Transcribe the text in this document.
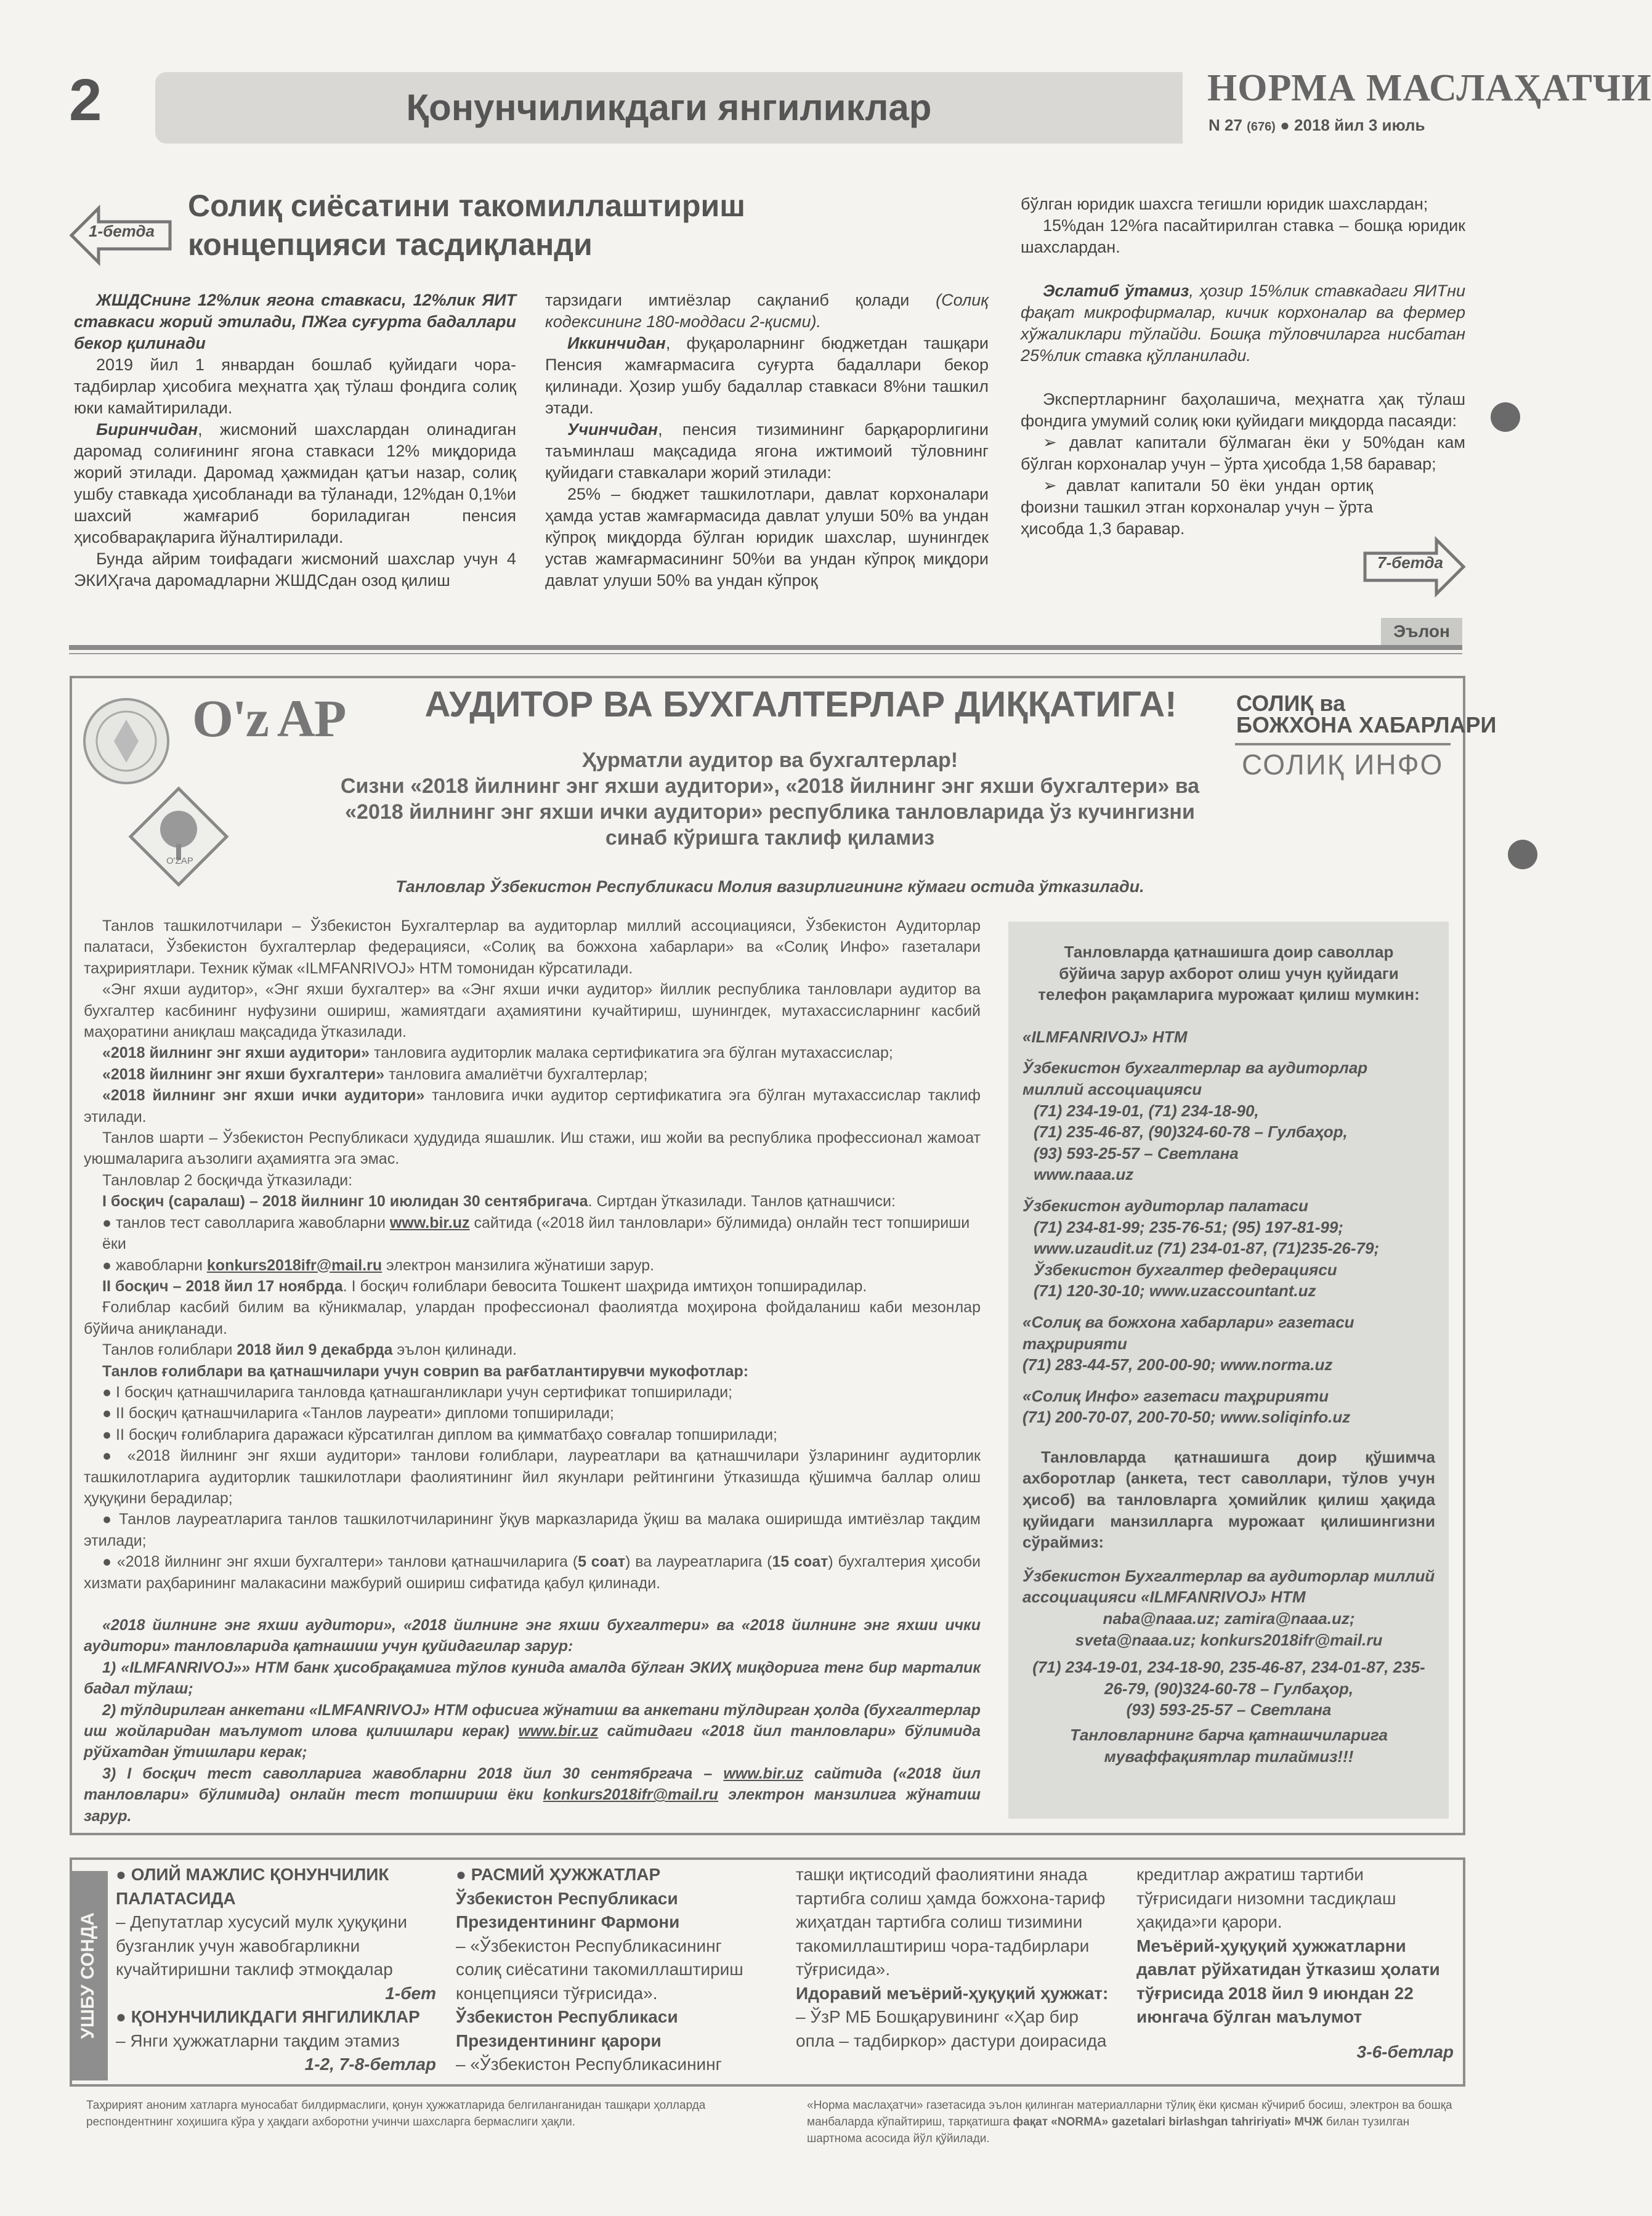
2	Қонунчиликдаги янгиликлар	НОРМА МАСЛАҲАТЧИ
N 27 (676) ● 2018 йил 3 июль
1-бетда
Солиқ сиёсатини такомиллаштириш концепцияси тасдиқланди

ЖШДСнинг 12%лик ягона ставкаси, 12%лик ЯИТ ставкаси жорий этилади, ПЖга суғурта бадаллари бекор қилинади

2019 йил 1 январдан бошлаб қуйидаги чора-тадбирлар ҳисобига меҳнатга ҳақ тўлаш фондига солиқ юки камайтирилади.

Биринчидан, жисмоний шахслардан олинадиган даромад солиғининг ягона ставкаси 12% миқдорида жорий этилади. Даромад ҳажмидан қатъи назар, солиқ ушбу ставкада ҳисобланади ва тўланади, 12%дан 0,1%и шахсий жамғариб бориладиган пенсия ҳисобварақларига йўналтирилади.

Бунда айрим тоифадаги жисмоний шахслар учун 4 ЭКИҲгача даромадларни ЖШДСдан озод қилиш

тарзидаги имтиёзлар сақланиб қолади (Солиқ кодексининг 180-моддаси 2-қисми).

Иккинчидан, фуқароларнинг бюджетдан ташқари Пенсия жамғармасига суғурта бадаллари бекор қилинади. Ҳозир ушбу бадаллар ставкаси 8%ни ташкил этади.

Учинчидан, пенсия тизимининг барқарорлигини таъминлаш мақсадида ягона ижтимоий тўловнинг қуйидаги ставкалари жорий этилади:

25% – бюджет ташкилотлари, давлат корхоналари ҳамда устав жамғармасида давлат улуши 50% ва ундан кўпроқ миқдорда бўлган юридик шахслар, шунингдек устав жамғармасининг 50%и ва ундан кўпроқ миқдори давлат улуши 50% ва ундан кўпроқ

бўлган юридик шахсга тегишли юридик шахслардан;

15%дан 12%га пасайтирилган ставка – бошқа юридик шахслардан.

Эслатиб ўтамиз, ҳозир 15%лик ставкадаги ЯИТни фақат микрофирмалар, кичик корхоналар ва фермер хўжаликлари тўлайди. Бошқа тўловчиларга нисбатан 25%лик ставка қўлланилади.

Экспертларнинг баҳолашича, меҳнатга ҳақ тўлаш фондига умумий солиқ юки қуйидаги миқдорда пасаяди:

➢ давлат капитали бўлмаган ёки у 50%дан кам бўлган корхоналар учун – ўрта ҳисобда 1,58 баравар;

➢ давлат капитали 50 ёки ундан ортиқ фоизни ташкил этган корхоналар учун – ўрта ҳисобда 1,3 баравар.

7-бетда
Эълон
O'z AP
O'ZAP
АУДИТОР ВА БУХГАЛТЕРЛАР ДИҚҚАТИГА!	СОЛИҚ ва
БОЖХОНА ХАБАРЛАРИ
СОЛИҚ ИНФО

Ҳурматли аудитор ва бухгалтерлар!

Сизни «2018 йилнинг энг яхши аудитори», «2018 йилнинг энг яхши бухгалтери» ва «2018 йилнинг энг яхши ички аудитори» республика танловларида ўз кучингизни синаб кўришга таклиф қиламиз

Танловлар Ўзбекистон Республикаси Молия вазирлигининг кўмаги остида ўтказилади.

Танлов ташкилотчилари – Ўзбекистон Бухгалтерлар ва аудиторлар миллий ассоциацияси, Ўзбекистон Аудиторлар палатаси, Ўзбекистон бухгалтерлар федерацияси, «Солиқ ва божхона хабарлари» ва «Солиқ Инфо» газеталари таҳририятлари. Техник кўмак «ILMFANRIVOJ» НТМ томонидан кўрсатилади.

«Энг яхши аудитор», «Энг яхши бухгалтер» ва «Энг яхши ички аудитор» йиллик республика танловлари аудитор ва бухгалтер касбининг нуфузини ошириш, жамиятдаги аҳамиятини кучайтириш, шунингдек, мутахассисларнинг касбий маҳоратини аниқлаш мақсадида ўтказилади.

«2018 йилнинг энг яхши аудитори» танловига аудиторлик малака сертификатига эга бўлган мутахассислар;

«2018 йилнинг энг яхши бухгалтери» танловига амалиётчи бухгалтерлар;

«2018 йилнинг энг яхши ички аудитори» танловига ички аудитор сертификатига эга бўлган мутахассислар таклиф этилади.

Танлов шарти – Ўзбекистон Республикаси ҳудудида яшашлик. Иш стажи, иш жойи ва республика профессионал жамоат уюшмаларига аъзолиги аҳамиятга эга эмас.

Танловлар 2 босқичда ўтказилади:

I босқич (саралаш) – 2018 йилнинг 10 июлидан 30 сентябригача. Сиртдан ўтказилади. Танлов қатнашчиси:

● танлов тест саволларига жавобларни www.bir.uz сайтида («2018 йил танловлари» бўлимида) онлайн тест топшириши

ёки

● жавобларни konkurs2018ifr@mail.ru электрон манзилига жўнатиши зарур.

II босқич – 2018 йил 17 ноябрда. I босқич ғолиблари бевосита Тошкент шаҳрида имтиҳон топширадилар.

Ғолиблар касбий билим ва кўникмалар, улардан профессионал фаолиятда моҳирона фойдаланиш каби мезонлар бўйича аниқланади.

Танлов ғолиблари 2018 йил 9 декабрда эълон қилинади.

Танлов ғолиблари ва қатнашчилари учун совриn ва рағбатлантирувчи мукофотлар:

● I босқич қатнашчиларига танловда қатнашганликлари учун сертификат топширилади;

● II босқич қатнашчиларига «Танлов лауреати» дипломи топширилади;

● II босқич ғолибларига даражаси кўрсатилган диплом ва қимматбаҳо совғалар топширилади;

● «2018 йилнинг энг яхши аудитори» танлови ғолиблари, лауреатлари ва қатнашчилари ўзларининг аудиторлик ташкилотларига аудиторлик ташкилотлари фаолиятининг йил якунлари рейтингини ўтказишда қўшимча баллар олиш ҳуқуқини берадилар;

● Танлов лауреатларига танлов ташкилотчиларининг ўқув марказларида ўқиш ва малака оширишда имтиёзлар тақдим этилади;

● «2018 йилнинг энг яхши бухгалтери» танлови қатнашчиларига (5 соат) ва лауреатларига (15 соат) бухгалтерия ҳисоби хизмати раҳбарининг малакасини мажбурий ошириш сифатида қабул қилинади.

«2018 йилнинг энг яхши аудитори», «2018 йилнинг энг яхши бухгалтери» ва «2018 йилнинг энг яхши ички аудитори» танловларида қатнашиш учун қуйидагилар зарур:

1) «ILMFANRIVOJ»» НТМ банк ҳисобрақамига тўлов кунида амалда бўлган ЭКИҲ миқдорига тенг бир марталик бадал тўлаш;

2) тўлдирилган анкетани «ILMFANRIVOJ» НТМ офисига жўнатиш ва анкетани тўлдирган ҳолда (бухгалтерлар иш жойларидан маълумот илова қилишлари керак) www.bir.uz сайтидаги «2018 йил танловлари» бўлимида рўйхатдан ўтишлари керак;

3) I босқич тест саволларига жавобларни 2018 йил 30 сентябргача – www.bir.uz сайтида («2018 йил танловлари» бўлимида) онлайн тест топшириш ёки konkurs2018ifr@mail.ru электрон манзилига жўнатиш зарур.

Танловларда қатнашишга доир саволлар бўйича зарур ахборот олиш учун қуйидаги телефон рақамларига мурожаат қилиш мумкин:

«ILMFANRIVOJ» НТМ

Ўзбекистон бухгалтерлар ва аудиторлар миллий ассоциацияси

(71) 234-19-01, (71) 234-18-90,

(71) 235-46-87, (90)324-60-78 – Гулбаҳор,

(93) 593-25-57 – Светлана

www.naaa.uz

Ўзбекистон аудиторлар палатаси

(71) 234-81-99; 235-76-51; (95) 197-81-99;

www.uzaudit.uz (71) 234-01-87, (71)235-26-79;

Ўзбекистон бухгалтер федерацияси

(71) 120-30-10; www.uzaccountant.uz

«Солиқ ва божхона хабарлари» газетаси таҳририяти

(71) 283-44-57, 200-00-90; www.norma.uz

«Солиқ Инфо» газетаси таҳририяти

(71) 200-70-07, 200-70-50; www.soliqinfo.uz

Танловларда қатнашишга доир қўшимча ахборотлар (анкета, тест саволлари, тўлов учун ҳисоб) ва танловларга ҳомийлик қилиш ҳақида қуйидаги манзилларга мурожаат қилишингизни сўраймиз:

Ўзбекистон Бухгалтерлар ва аудиторлар миллий ассоциацияси «ILMFANRIVOJ» НТМ

naba@naaa.uz; zamira@naaa.uz;

sveta@naaa.uz; konkurs2018ifr@mail.ru

(71) 234-19-01, 234-18-90, 235-46-87, 234-01-87, 235-26-79, (90)324-60-78 – Гулбаҳор,

(93) 593-25-57 – Светлана

Танловларнинг барча қатнашчиларига муваффақиятлар тилаймиз!!!

УШБУ СОНДА

● ОЛИЙ МАЖЛИС ҚОНУНЧИЛИК ПАЛАТАСИДА

– Депутатлар хусусий мулк ҳуқуқини бузганлик учун жавобгарликни кучайтиришни таклиф этмоқдалар

1-бет

● ҚОНУНЧИЛИКДАГИ ЯНГИЛИКЛАР

– Янги ҳужжатларни тақдим этамиз

1-2, 7-8-бетлар

● РАСМИЙ ҲУЖЖАТЛАР

Ўзбекистон Республикаси Президентининг Фармони

– «Ўзбекистон Республикасининг солиқ сиёсатини такомиллаштириш концепцияси тўғрисида».

Ўзбекистон Республикаси Президентининг қарори

– «Ўзбекистон Республикасининг

ташқи иқтисодий фаолиятини янада тартибга солиш ҳамда божхона-тариф жиҳатдан тартибга солиш тизимини такомиллаштириш чора-тадбирлари тўғрисида».

Идоравий меъёрий-ҳуқуқий ҳужжат:

– ЎзР МБ Бошқарувининг «Ҳар бир опла – тадбиркор» дастури доирасида

кредитлар ажратиш тартиби тўғрисидаги низомни тасдиқлаш ҳақида»ги қарори.

Меъёрий-ҳуқуқий ҳужжатларни давлат рўйхатидан ўтказиш ҳолати тўғрисида 2018 йил 9 июндан 22 июнгача бўлган маълумот

3-6-бетлар

Таҳририят аноним хатларга муносабат билдирмаслиги, қонун ҳужжатларида белгиланганидан ташқари ҳолларда респондентнинг хоҳишига кўра у ҳақдаги ахборотни учинчи шахсларга бермаслиги ҳақли.
«Норма маслаҳатчи» газетасида эълон қилинган материалларни тўлиқ ёки қисман кўчириб босиш, электрон ва бошқа манбаларда кўпайтириш, тарқатишга фақат «NORMA» gazetalari birlashgan tahririyati» МЧЖ билан тузилган шартнома асосида йўл қўйилади.
